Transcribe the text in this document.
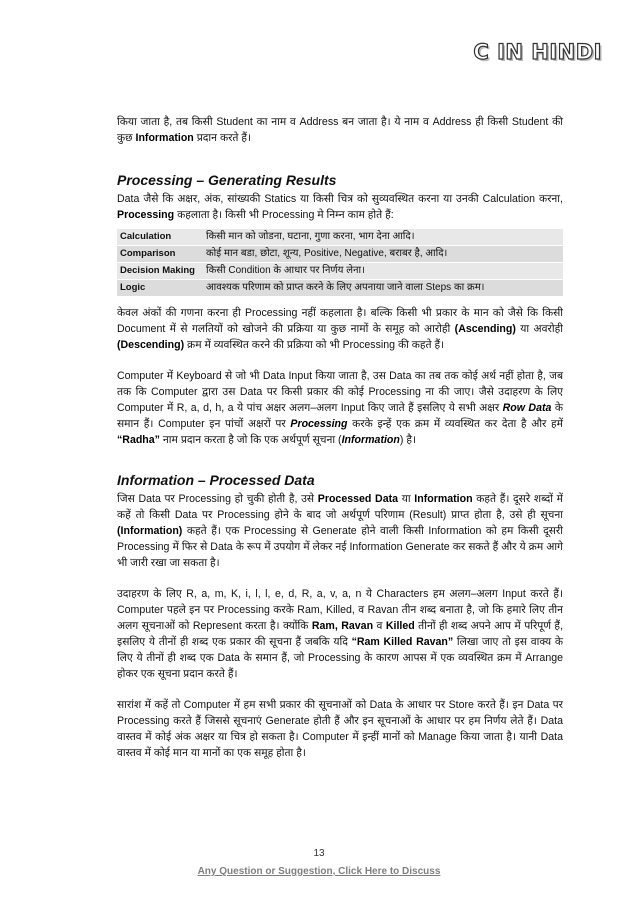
C IN HINDI

किया जाता है, तब किसी Student का नाम व Address बन जाता है। ये नाम व Address ही किसी Student की कुछ Information प्रदान करते हैं।

Processing – Generating Results

Data जैसे कि अक्षर, अंक, सांख्यकी Statics या किसी चित्र को सुव्यवस्थित करना या उनकी Calculation करना, Processing कहलाता है। किसी भी Processing मे निम्न काम होते हैं:

Calculation	किसी मान को जोडना, घटाना, गुणा करना, भाग देना आदि।
Comparison	कोई मान बडा, छोटा, शून्य, Positive, Negative, बराबर है, आदि।
Decision Making	किसी Condition के आधार पर निर्णय लेना।
Logic	आवश्यक परिणाम को प्राप्त करने के लिए अपनाया जाने वाला Steps का क्रम।

केवल अंकों की गणना करना ही Processing नहीं कहलाता है। बल्कि किसी भी प्रकार के मान को जैसे कि किसी Document में से गलतियों को खोजने की प्रक्रिया या कुछ नामों के समूह को आरोही (Ascending) या अवरोही (Descending) क्रम में व्यवस्थित करने की प्रक्रिया को भी Processing की कहते हैं।

Computer में Keyboard से जो भी Data Input किया जाता है, उस Data का तब तक कोई अर्थ नहीं होता है, जब तक कि Computer द्वारा उस Data पर किसी प्रकार की कोई Processing ना की जाए। जैसे उदाहरण के लिए Computer में R, a, d, h, a ये पांच अक्षर अलग–अलग Input किए जाते हैं इसलिए ये सभी अक्षर Row Data के समान हैं। Computer इन पांचों अक्षरों पर Processing करके इन्हें एक क्रम में व्यवस्थित कर देता है और हमें “Radha” नाम प्रदान करता है जो कि एक अर्थपूर्ण सूचना (Information) है।

Information – Processed Data

जिस Data पर Processing हो चुकी होती है, उसे Processed Data या Information कहते हैं। दूसरे शब्दों में कहें तो किसी Data पर Processing होने के बाद जो अर्थपूर्ण परिणाम (Result) प्राप्त होता है, उसे ही सूचना (Information) कहते हैं। एक Processing से Generate होने वाली किसी Information को हम किसी दूसरी Processing में फिर से Data के रूप में उपयोग में लेकर नई Information Generate कर सकते हैं और ये क्रम आगे भी जारी रखा जा सकता है।

उदाहरण के लिए R, a, m, K, i, l, l, e, d, R, a, v, a, n ये Characters हम अलग–अलग Input करते हैं। Computer पहले इन पर Processing करके Ram, Killed, व Ravan तीन शब्द बनाता है, जो कि हमारे लिए तीन अलग सूचनाओं को Represent करता है। क्योंकि Ram, Ravan व Killed तीनों ही शब्द अपने आप में परिपूर्ण हैं, इसलिए ये तीनों ही शब्द एक प्रकार की सूचना हैं जबकि यदि “Ram Killed Ravan” लिखा जाए तो इस वाक्य के लिए ये तीनों ही शब्द एक Data के समान हैं, जो Processing के कारण आपस में एक व्यवस्थित क्रम में Arrange होकर एक सूचना प्रदान करते हैं।

सारांश में कहें तो Computer में हम सभी प्रकार की सूचनाओं को Data के आधार पर Store करते हैं। इन Data पर Processing करते हैं जिससे सूचनाएं Generate होती हैं और इन सूचनाओं के आधार पर हम निर्णय लेते हैं। Data वास्तव में कोई अंक अक्षर या चित्र हो सकता है। Computer में इन्हीं मानों को Manage किया जाता है। यानी Data वास्तव में कोई मान या मानों का एक समूह होता है।

13
Any Question or Suggestion, Click Here to Discuss
